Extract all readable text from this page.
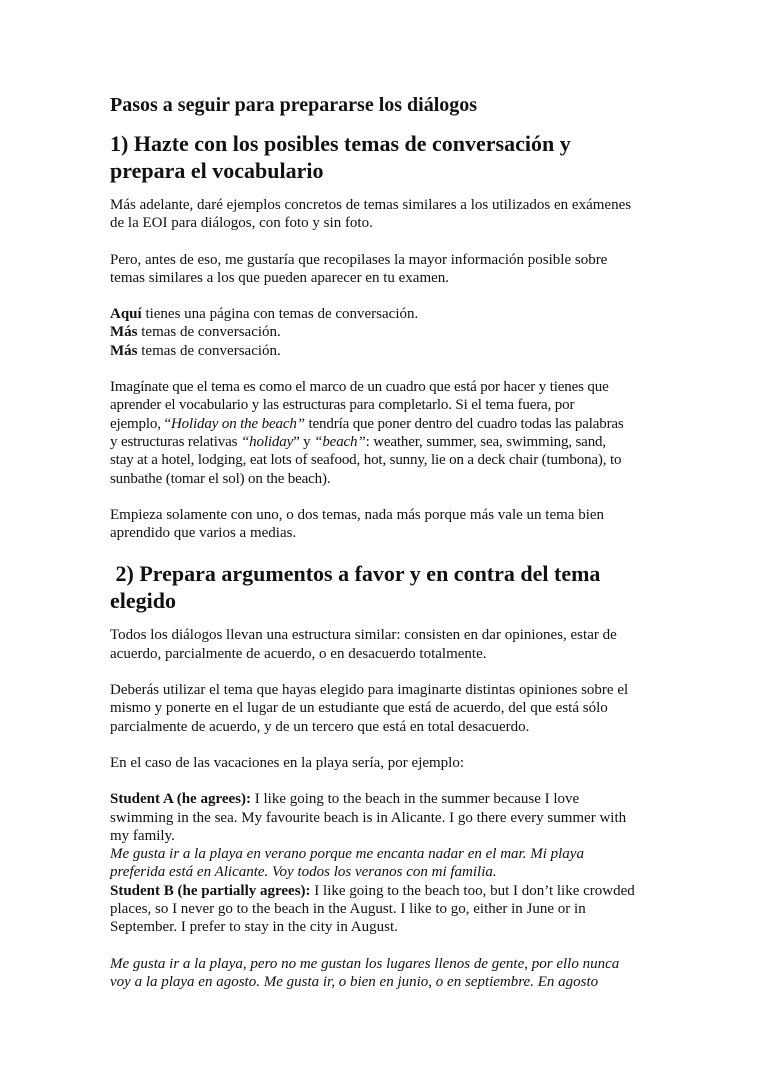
Pasos a seguir para prepararse los diálogos
1) Hazte con los posibles temas de conversación y
prepara el vocabulario

Más adelante, daré ejemplos concretos de temas similares a los utilizados en exámenes
de la EOI para diálogos, con foto y sin foto.

Pero, antes de eso, me gustaría que recopilases la mayor información posible sobre
temas similares a los que pueden aparecer en tu examen.

Aquí tienes una página con temas de conversación.
Más temas de conversación.
Más temas de conversación.

Imagínate que el tema es como el marco de un cuadro que está por hacer y tienes que
aprender el vocabulario y las estructuras para completarlo. Si el tema fuera, por
ejemplo, “Holiday on the beach” tendría que poner dentro del cuadro todas las palabras
y estructuras relativas “holiday” y “beach”: weather, summer, sea, swimming, sand,
stay at a hotel, lodging, eat lots of seafood, hot, sunny, lie on a deck chair (tumbona), to
sunbathe (tomar el sol) on the beach).

Empieza solamente con uno, o dos temas, nada más porque más vale un tema bien
aprendido que varios a medias.

2) Prepara argumentos a favor y en contra del tema
elegido

Todos los diálogos llevan una estructura similar: consisten en dar opiniones, estar de
acuerdo, parcialmente de acuerdo, o en desacuerdo totalmente.

Deberás utilizar el tema que hayas elegido para imaginarte distintas opiniones sobre el
mismo y ponerte en el lugar de un estudiante que está de acuerdo, del que está sólo
parcialmente de acuerdo, y de un tercero que está en total desacuerdo.

En el caso de las vacaciones en la playa sería, por ejemplo:

Student A (he agrees): I like going to the beach in the summer because I love
swimming in the sea. My favourite beach is in Alicante. I go there every summer with
my family.
Me gusta ir a la playa en verano porque me encanta nadar en el mar. Mi playa
preferida está en Alicante. Voy todos los veranos con mi familia.
Student B (he partially agrees): I like going to the beach too, but I don’t like crowded
places, so I never go to the beach in the August. I like to go, either in June or in
September. I prefer to stay in the city in August.

Me gusta ir a la playa, pero no me gustan los lugares llenos de gente, por ello nunca
voy a la playa en agosto. Me gusta ir, o bien en junio, o en septiembre. En agosto
